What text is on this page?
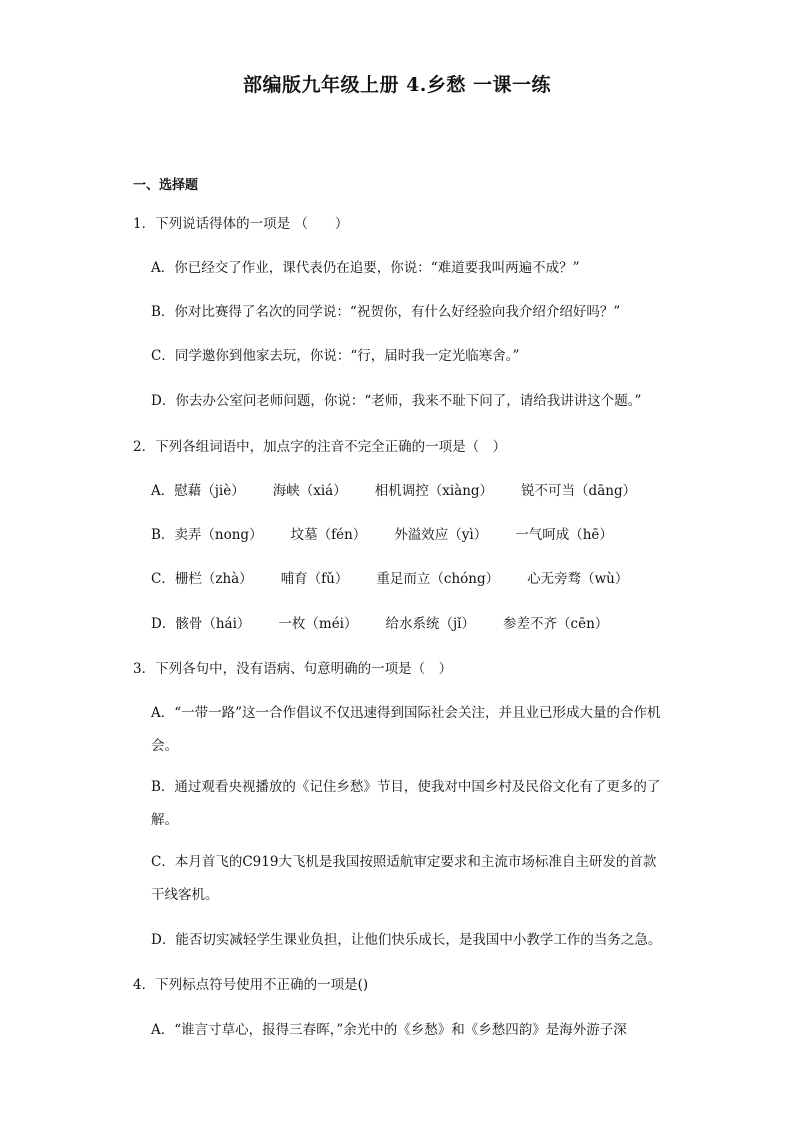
部编版九年级上册 4.乡愁 一课一练
一、选择题
1．下列说话得体的一项是 （　　）
A．你已经交了作业，课代表仍在追要，你说：“难道要我叫两遍不成？”
B．你对比赛得了名次的同学说：“祝贺你，有什么好经验向我介绍介绍好吗？”
C．同学邀你到他家去玩，你说：“行，届时我一定光临寒舍。”
D．你去办公室问老师问题，你说：“老师，我来不耻下问了，请给我讲讲这个题。”
2．下列各组词语中，加点字的注音不完全正确的一项是（　）
A．慰藉（jiè） 海峡（xiá） 相机调控（xiàng） 锐不可当（dāng）
B．卖弄（nong） 坟墓（fén） 外溢效应（yì） 一气呵成（hē）
C．栅栏（zhà） 哺育（fǔ） 重足而立（chóng） 心无旁骛（wù）
D．骸骨（hái） 一枚（méi） 给水系统（jǐ） 参差不齐（cēn）
3．下列各句中，没有语病、句意明确的一项是（　）
A．“一带一路”这一合作倡议不仅迅速得到国际社会关注，并且业已形成大量的合作机会。
B．通过观看央视播放的《记住乡愁》节目，使我对中国乡村及民俗文化有了更多的了解。
C．本月首飞的C919大飞机是我国按照适航审定要求和主流市场标准自主研发的首款干线客机。
D．能否切实减轻学生课业负担，让他们快乐成长，是我国中小教学工作的当务之急。
4．下列标点符号使用不正确的一项是()
A．“谁言寸草心，报得三春晖，”余光中的《乡愁》和《乡愁四韵》是海外游子深
